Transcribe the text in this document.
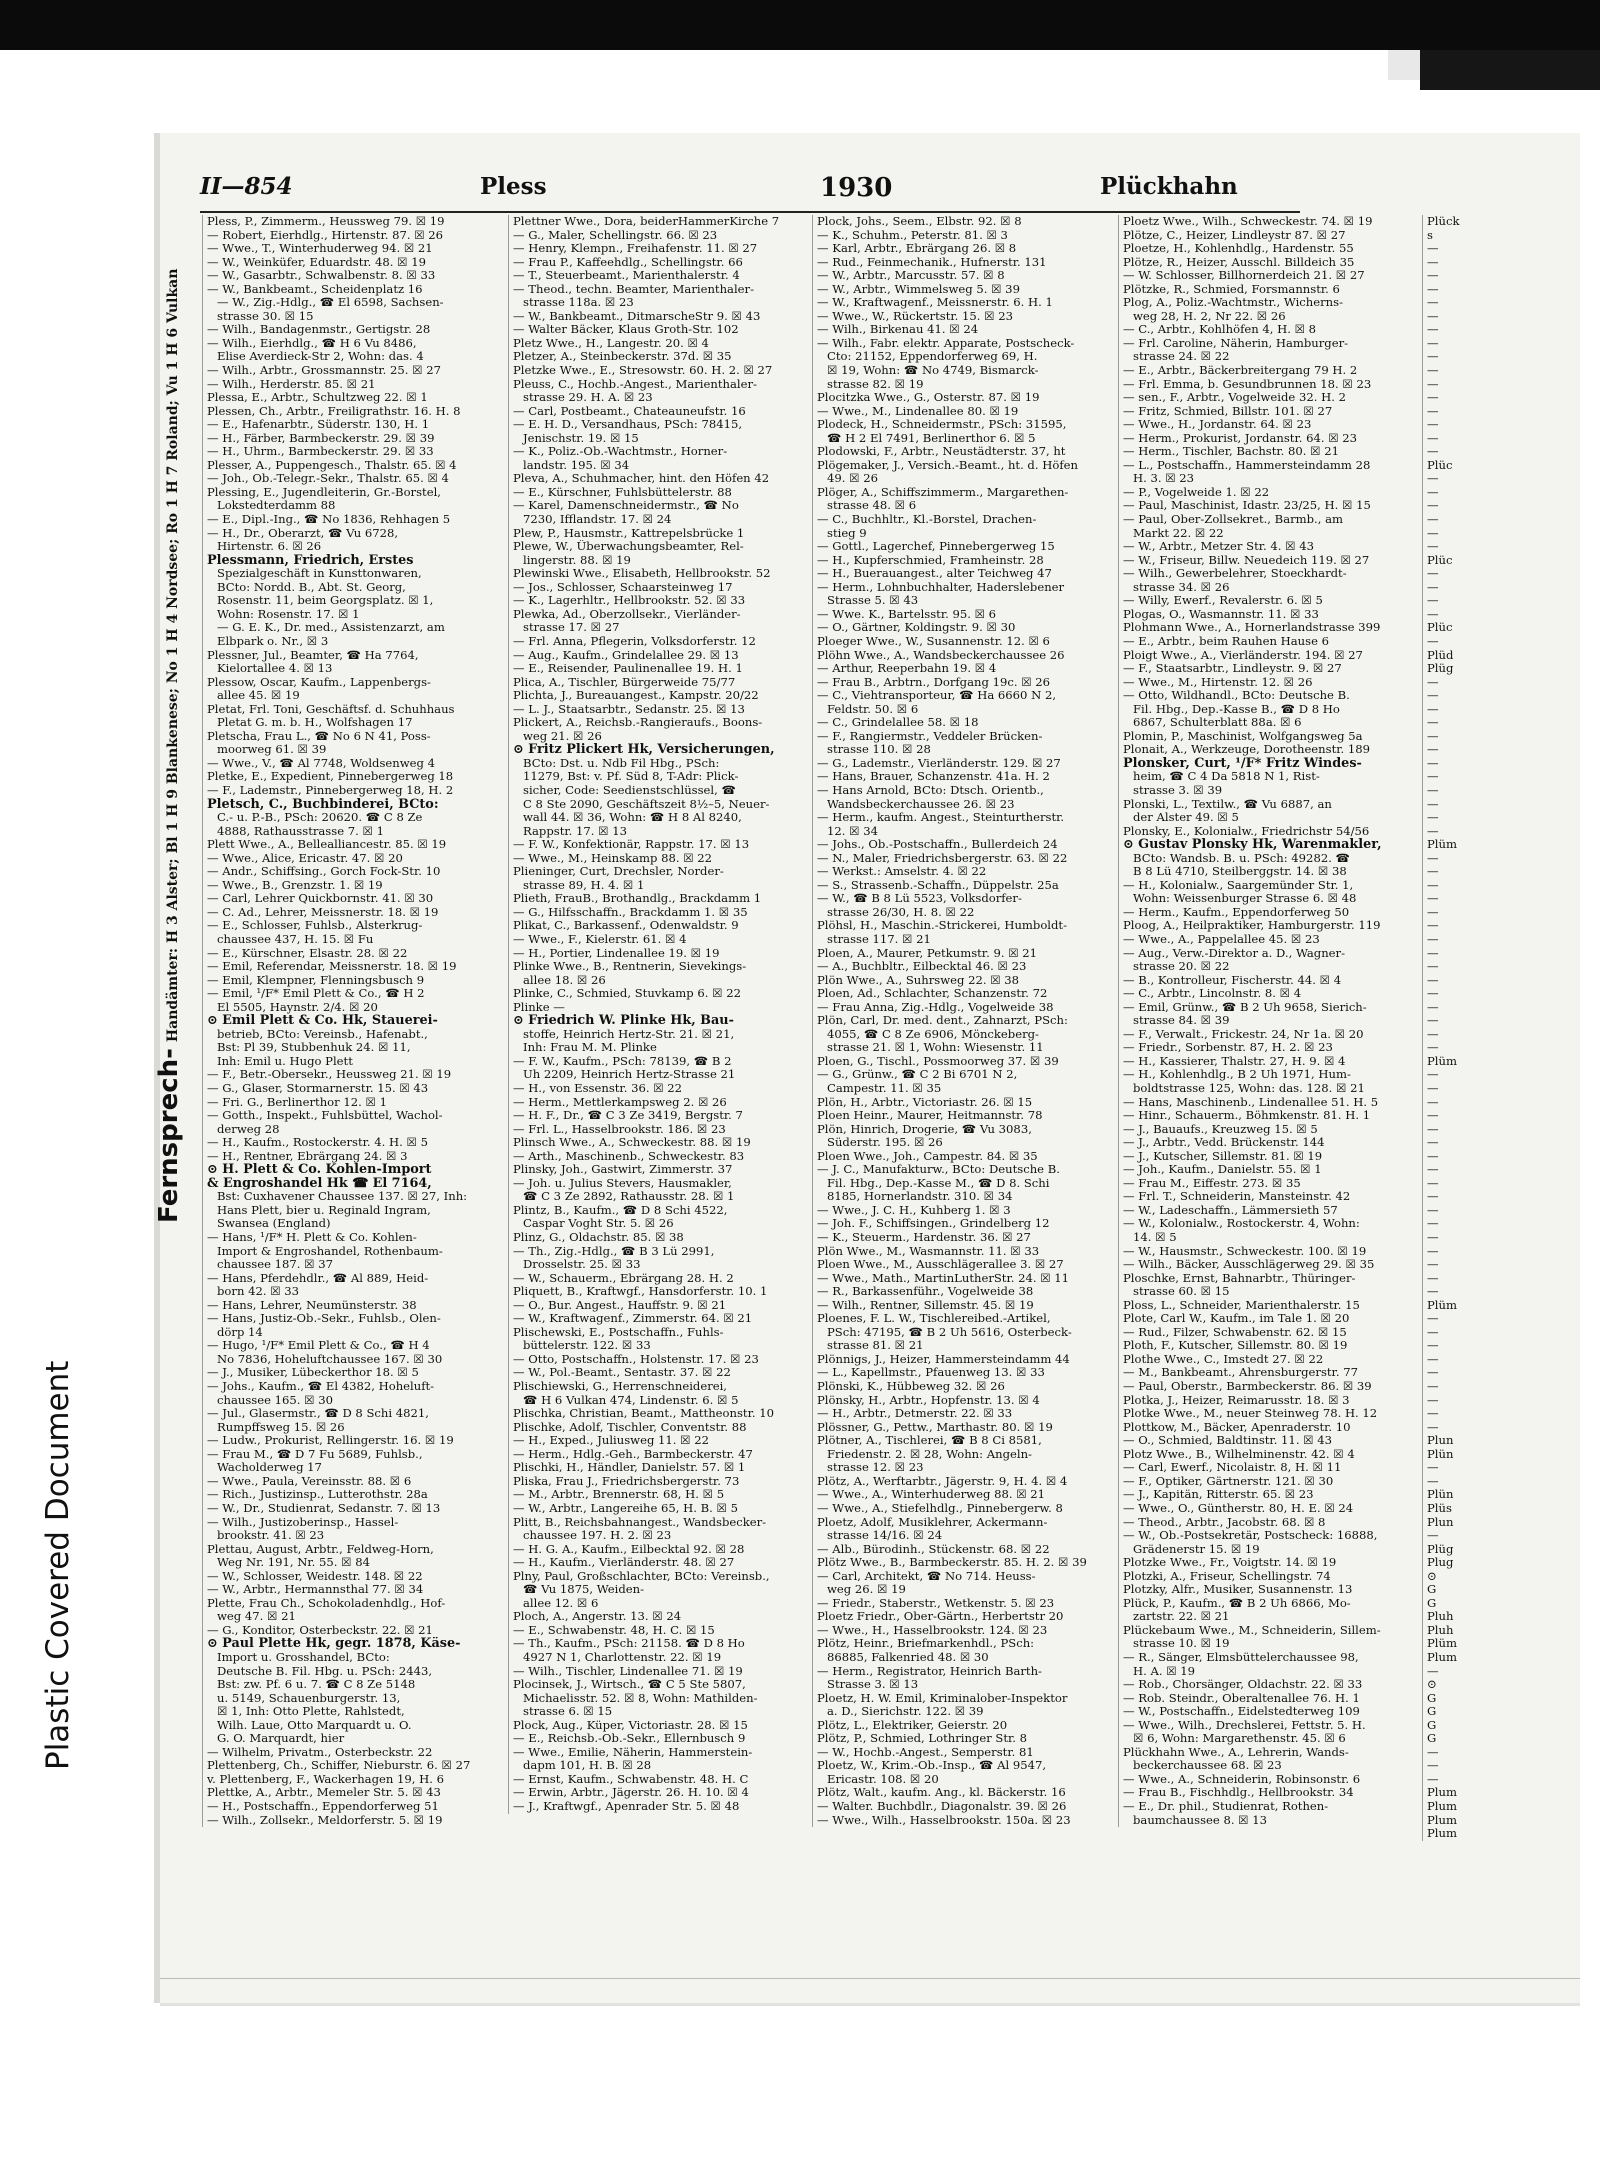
Plastic Covered Document
II—854	Pless	1930	Plückhahn
Fernsprech-Handämter: H 3 Alster; Bl 1 H 9 Blankenese; No 1 H 4 Nordsee; Ro 1 H 7 Roland; Vu 1 H 6 Vulkan
Pless, P., Zimmerm., Heussweg 79. ☒ 19
— Robert, Eierhdlg., Hirtenstr. 87. ☒ 26
— Wwe., T., Winterhuderweg 94. ☒ 21
— W., Weinküfer, Eduardstr. 48. ☒ 19
— W., Gasarbtr., Schwalbenstr. 8. ☒ 33
— W., Bankbeamt., Scheidenplatz 16
— W., Zig.-Hdlg., ☎ El 6598, Sachsen-
strasse 30. ☒ 15
— Wilh., Bandagenmstr., Gertigstr. 28
— Wilh., Eierhdlg., ☎ H 6 Vu 8486,
Elise Averdieck-Str 2, Wohn: das. 4
— Wilh., Arbtr., Grossmannstr. 25. ☒ 27
— Wilh., Herderstr. 85. ☒ 21
Plessa, E., Arbtr., Schultzweg 22. ☒ 1
Plessen, Ch., Arbtr., Freiligrathstr. 16. H. 8
— E., Hafenarbtr., Süderstr. 130, H. 1
— H., Färber, Barmbeckerstr. 29. ☒ 39
— H., Uhrm., Barmbeckerstr. 29. ☒ 33
Plesser, A., Puppengesch., Thalstr. 65. ☒ 4
— Joh., Ob.-Telegr.-Sekr., Thalstr. 65. ☒ 4
Plessing, E., Jugendleiterin, Gr.-Borstel,
Lokstedterdamm 88
— E., Dipl.-Ing., ☎ No 1836, Rehhagen 5
— H., Dr., Oberarzt, ☎ Vu 6728,
Hirtenstr. 6. ☒ 26
Plessmann, Friedrich, Erstes
Spezialgeschäft in Kunsttonwaren,
BCto: Nordd. B., Abt. St. Georg,
Rosenstr. 11, beim Georgsplatz. ☒ 1,
Wohn: Rosenstr. 17. ☒ 1
— G. E. K., Dr. med., Assistenzarzt, am
Elbpark o. Nr., ☒ 3
Plessner, Jul., Beamter, ☎ Ha 7764,
Kielortallee 4. ☒ 13
Plessow, Oscar, Kaufm., Lappenbergs-
allee 45. ☒ 19
Pletat, Frl. Toni, Geschäftsf. d. Schuhhaus
Pletat G. m. b. H., Wolfshagen 17
Pletscha, Frau L., ☎ No 6 N 41, Poss-
moorweg 61. ☒ 39
— Wwe., V., ☎ Al 7748, Woldsenweg 4
Pletke, E., Expedient, Pinnebergerweg 18
— F., Lademstr., Pinnebergerweg 18, H. 2
Pletsch, C., Buchbinderei, BCto:
C.- u. P.-B., PSch: 20620. ☎ C 8 Ze
4888, Rathausstrasse 7. ☒ 1
Plett Wwe., A., Bellealliancestr. 85. ☒ 19
— Wwe., Alice, Ericastr. 47. ☒ 20
— Andr., Schiffsing., Gorch Fock-Str. 10
— Wwe., B., Grenzstr. 1. ☒ 19
— Carl, Lehrer Quickbornstr. 41. ☒ 30
— C. Ad., Lehrer, Meissnerstr. 18. ☒ 19
— E., Schlosser, Fuhlsb., Alsterkrug-
chaussee 437, H. 15. ☒ Fu
— E., Kürschner, Elsastr. 28. ☒ 22
— Emil, Referendar, Meissnerstr. 18. ☒ 19
— Emil, Klempner, Flenningsbusch 9
— Emil, ¹/F* Emil Plett & Co., ☎ H 2
El 5505, Haynstr. 2/4. ☒ 20
⊙ Emil Plett & Co. Hk, Stauerei-
betrieb, BCto: Vereinsb., Hafenabt.,
Bst: Pl 39, Stubbenhuk 24. ☒ 11,
Inh: Emil u. Hugo Plett
— F., Betr.-Obersekr., Heussweg 21. ☒ 19
— G., Glaser, Stormarnerstr. 15. ☒ 43
— Fri. G., Berlinerthor 12. ☒ 1
— Gotth., Inspekt., Fuhlsbüttel, Wachol-
derweg 28
— H., Kaufm., Rostockerstr. 4. H. ☒ 5
— H., Rentner, Ebrärgang 24. ☒ 3
⊙ H. Plett & Co. Kohlen-Import
& Engroshandel Hk ☎ El 7164,
Bst: Cuxhavener Chaussee 137. ☒ 27, Inh:
Hans Plett, bier u. Reginald Ingram,
Swansea (England)
— Hans, ¹/F* H. Plett & Co. Kohlen-
Import & Engroshandel, Rothenbaum-
chaussee 187. ☒ 37
— Hans, Pferdehdlr., ☎ Al 889, Heid-
born 42. ☒ 33
— Hans, Lehrer, Neumünsterstr. 38
— Hans, Justiz-Ob.-Sekr., Fuhlsb., Olen-
dörp 14
— Hugo, ¹/F* Emil Plett & Co., ☎ H 4
No 7836, Hoheluftchaussee 167. ☒ 30
— J., Musiker, Lübeckerthor 18. ☒ 5
— Johs., Kaufm., ☎ El 4382, Hoheluft-
chaussee 165. ☒ 30
— Jul., Glasermstr., ☎ D 8 Schi 4821,
Rumpffsweg 15. ☒ 26
— Ludw., Prokurist, Rellingerstr. 16. ☒ 19
— Frau M., ☎ D 7 Fu 5689, Fuhlsb.,
Wacholderweg 17
— Wwe., Paula, Vereinsstr. 88. ☒ 6
— Rich., Justizinsp., Lutterothstr. 28a
— W., Dr., Studienrat, Sedanstr. 7. ☒ 13
— Wilh., Justizoberinsp., Hassel-
brookstr. 41. ☒ 23
Plettau, August, Arbtr., Feldweg-Horn,
Weg Nr. 191, Nr. 55. ☒ 84
— W., Schlosser, Weidestr. 148. ☒ 22
— W., Arbtr., Hermannsthal 77. ☒ 34
Plette, Frau Ch., Schokoladenhdlg., Hof-
weg 47. ☒ 21
— G., Konditor, Osterbeckstr. 22. ☒ 21
⊙ Paul Plette Hk, gegr. 1878, Käse-
Import u. Grosshandel, BCto:
Deutsche B. Fil. Hbg. u. PSch: 2443,
Bst: zw. Pf. 6 u. 7. ☎ C 8 Ze 5148
u. 5149, Schauenburgerstr. 13,
☒ 1, Inh: Otto Plette, Rahlstedt,
Wilh. Laue, Otto Marquardt u. O.
G. O. Marquardt, hier
— Wilhelm, Privatm., Osterbeckstr. 22
Plettenberg, Ch., Schiffer, Nieburstr. 6. ☒ 27
v. Plettenberg, F., Wackerhagen 19, H. 6
Plettke, A., Arbtr., Memeler Str. 5. ☒ 43
— H., Postschaffn., Eppendorferweg 51
— Wilh., Zollsekr., Meldorferstr. 5. ☒ 19
Plettner Wwe., Dora, beiderHammerKirche 7
— G., Maler, Schellingstr. 66. ☒ 23
— Henry, Klempn., Freihafenstr. 11. ☒ 27
— Frau P., Kaffeehdlg., Schellingstr. 66
— T., Steuerbeamt., Marienthalerstr. 4
— Theod., techn. Beamter, Marienthaler-
strasse 118a. ☒ 23
— W., Bankbeamt., DitmarscheStr 9. ☒ 43
— Walter Bäcker, Klaus Groth-Str. 102
Pletz Wwe., H., Langestr. 20. ☒ 4
Pletzer, A., Steinbeckerstr. 37d. ☒ 35
Pletzke Wwe., E., Stresowstr. 60. H. 2. ☒ 27
Pleuss, C., Hochb.-Angest., Marienthaler-
strasse 29. H. A. ☒ 23
— Carl, Postbeamt., Chateauneufstr. 16
— E. H. D., Versandhaus, PSch: 78415,
Jenischstr. 19. ☒ 15
— K., Poliz.-Ob.-Wachtmstr., Horner-
landstr. 195. ☒ 34
Pleva, A., Schuhmacher, hint. den Höfen 42
— E., Kürschner, Fuhlsbüttelerstr. 88
— Karel, Damenschneidermstr., ☎ No
7230, Ifflandstr. 17. ☒ 24
Plew, P., Hausmstr., Kattrepelsbrücke 1
Plewe, W., Überwachungsbeamter, Rel-
lingerstr. 88. ☒ 19
Plewinski Wwe., Elisabeth, Hellbrookstr. 52
— Jos., Schlosser, Schaarsteinweg 17
— K., Lagerhltr., Hellbrookstr. 52. ☒ 33
Plewka, Ad., Oberzollsekr., Vierländer-
strasse 17. ☒ 27
— Frl. Anna, Pflegerin, Volksdorferstr. 12
— Aug., Kaufm., Grindelallee 29. ☒ 13
— E., Reisender, Paulinenallee 19. H. 1
Plica, A., Tischler, Bürgerweide 75/77
Plichta, J., Bureauangest., Kampstr. 20/22
— L. J., Staatsarbtr., Sedanstr. 25. ☒ 13
Plickert, A., Reichsb.-Rangieraufs., Boons-
weg 21. ☒ 26
⊙ Fritz Plickert Hk, Versicherungen,
BCto: Dst. u. Ndb Fil Hbg., PSch:
11279, Bst: v. Pf. Süd 8, T-Adr: Plick-
sicher, Code: Seedienstschlüssel, ☎
C 8 Ste 2090, Geschäftszeit 8½–5, Neuer-
wall 44. ☒ 36, Wohn: ☎ H 8 Al 8240,
Rappstr. 17. ☒ 13
— F. W., Konfektionär, Rappstr. 17. ☒ 13
— Wwe., M., Heinskamp 88. ☒ 22
Plieninger, Curt, Drechsler, Norder-
strasse 89, H. 4. ☒ 1
Plieth, FrauB., Brothandlg., Brackdamm 1
— G., Hilfsschaffn., Brackdamm 1. ☒ 35
Plikat, C., Barkassenf., Odenwaldstr. 9
— Wwe., F., Kielerstr. 61. ☒ 4
— H., Portier, Lindenallee 19. ☒ 19
Plinke Wwe., B., Rentnerin, Sievekings-
allee 18. ☒ 26
Plinke, C., Schmied, Stuvkamp 6. ☒ 22
Plinke —
⊙ Friedrich W. Plinke Hk, Bau-
stoffe, Heinrich Hertz-Str. 21. ☒ 21,
Inh: Frau M. M. Plinke
— F. W., Kaufm., PSch: 78139, ☎ B 2
Uh 2209, Heinrich Hertz-Strasse 21
— H., von Essenstr. 36. ☒ 22
— Herm., Mettlerkampsweg 2. ☒ 26
— H. F., Dr., ☎ C 3 Ze 3419, Bergstr. 7
— Frl. L., Hasselbrookstr. 186. ☒ 23
Plinsch Wwe., A., Schweckestr. 88. ☒ 19
— Arth., Maschinenb., Schweckestr. 83
Plinsky, Joh., Gastwirt, Zimmerstr. 37
— Joh. u. Julius Stevers, Hausmakler,
☎ C 3 Ze 2892, Rathausstr. 28. ☒ 1
Plintz, B., Kaufm., ☎ D 8 Schi 4522,
Caspar Voght Str. 5. ☒ 26
Plinz, G., Oldachstr. 85. ☒ 38
— Th., Zig.-Hdlg., ☎ B 3 Lü 2991,
Drosselstr. 25. ☒ 33
— W., Schauerm., Ebrärgang 28. H. 2
Pliquett, B., Kraftwgf., Hansdorferstr. 10. 1
— O., Bur. Angest., Hauffstr. 9. ☒ 21
— W., Kraftwagenf., Zimmerstr. 64. ☒ 21
Plischewski, E., Postschaffn., Fuhls-
büttelerstr. 122. ☒ 33
— Otto, Postschaffn., Holstenstr. 17. ☒ 23
— W., Pol.-Beamt., Sentastr. 37. ☒ 22
Plischiewski, G., Herrenschneiderei,
☎ H 6 Vulkan 474, Lindenstr. 6. ☒ 5
Plischka, Christian, Beamt., Mattheonstr. 10
Plischke, Adolf, Tischler, Conventstr. 88
— H., Exped., Juliusweg 11. ☒ 22
— Herm., Hdlg.-Geh., Barmbeckerstr. 47
Plischki, H., Händler, Danielstr. 57. ☒ 1
Pliska, Frau J., Friedrichsbergerstr. 73
— M., Arbtr., Brennerstr. 68, H. ☒ 5
— W., Arbtr., Langereihe 65, H. B. ☒ 5
Plitt, B., Reichsbahnangest., Wandsbecker-
chaussee 197. H. 2. ☒ 23
— H. G. A., Kaufm., Eilbecktal 92. ☒ 28
— H., Kaufm., Vierländerstr. 48. ☒ 27
Plny, Paul, Großschlachter, BCto: Vereinsb.,
☎ Vu 1875, Weiden-
allee 12. ☒ 6
Ploch, A., Angerstr. 13. ☒ 24
— E., Schwabenstr. 48, H. C. ☒ 15
— Th., Kaufm., PSch: 21158. ☎ D 8 Ho
4927 N 1, Charlottenstr. 22. ☒ 19
— Wilh., Tischler, Lindenallee 71. ☒ 19
Plocinsek, J., Wirtsch., ☎ C 5 Ste 5807,
Michaelisstr. 52. ☒ 8, Wohn: Mathilden-
strasse 6. ☒ 15
Plock, Aug., Küper, Victoriastr. 28. ☒ 15
— E., Reichsb.-Ob.-Sekr., Ellernbusch 9
— Wwe., Emilie, Näherin, Hammerstein-
dapm 101, H. B. ☒ 28
— Ernst, Kaufm., Schwabenstr. 48. H. C
— Erwin, Arbtr., Jägerstr. 26. H. 10. ☒ 4
— J., Kraftwgf., Apenrader Str. 5. ☒ 48
Plock, Johs., Seem., Elbstr. 92. ☒ 8
— K., Schuhm., Peterstr. 81. ☒ 3
— Karl, Arbtr., Ebrärgang 26. ☒ 8
— Rud., Feinmechanik., Hufnerstr. 131
— W., Arbtr., Marcusstr. 57. ☒ 8
— W., Arbtr., Wimmelsweg 5. ☒ 39
— W., Kraftwagenf., Meissnerstr. 6. H. 1
— Wwe., W., Rückertstr. 15. ☒ 23
— Wilh., Birkenau 41. ☒ 24
— Wilh., Fabr. elektr. Apparate, Postscheck-
Cto: 21152, Eppendorferweg 69, H.
☒ 19, Wohn: ☎ No 4749, Bismarck-
strasse 82. ☒ 19
Plocitzka Wwe., G., Osterstr. 87. ☒ 19
— Wwe., M., Lindenallee 80. ☒ 19
Plodeck, H., Schneidermstr., PSch: 31595,
☎ H 2 El 7491, Berlinerthor 6. ☒ 5
Plodowski, F., Arbtr., Neustädterstr. 37, ht
Plögemaker, J., Versich.-Beamt., ht. d. Höfen
49. ☒ 26
Plöger, A., Schiffszimmerm., Margarethen-
strasse 48. ☒ 6
— C., Buchhltr., Kl.-Borstel, Drachen-
stieg 9
— Gottl., Lagerchef, Pinnebergerweg 15
— H., Kupferschmied, Framheinstr. 28
— H., Buerauangest., alter Teichweg 47
— Herm., Lohnbuchhalter, Haderslebener
Strasse 5. ☒ 43
— Wwe. K., Bartelsstr. 95. ☒ 6
— O., Gärtner, Koldingstr. 9. ☒ 30
Ploeger Wwe., W., Susannenstr. 12. ☒ 6
Plöhn Wwe., A., Wandsbeckerchaussee 26
— Arthur, Reeperbahn 19. ☒ 4
— Frau B., Arbtrn., Dorfgang 19c. ☒ 26
— C., Viehtransporteur, ☎ Ha 6660 N 2,
Feldstr. 50. ☒ 6
— C., Grindelallee 58. ☒ 18
— F., Rangiermstr., Veddeler Brücken-
strasse 110. ☒ 28
— G., Lademstr., Vierländerstr. 129. ☒ 27
— Hans, Brauer, Schanzenstr. 41a. H. 2
— Hans Arnold, BCto: Dtsch. Orientb.,
Wandsbeckerchaussee 26. ☒ 23
— Herm., kaufm. Angest., Steinturtherstr.
12. ☒ 34
— Johs., Ob.-Postschaffn., Bullerdeich 24
— N., Maler, Friedrichsbergerstr. 63. ☒ 22
— Werkst.: Amselstr. 4. ☒ 22
— S., Strassenb.-Schaffn., Düppelstr. 25a
— W., ☎ B 8 Lü 5523, Volksdorfer-
strasse 26/30, H. 8. ☒ 22
Plöhsl, H., Maschin.-Strickerei, Humboldt-
strasse 117. ☒ 21
Ploen, A., Maurer, Petkumstr. 9. ☒ 21
— A., Buchbltr., Eilbecktal 46. ☒ 23
Plön Wwe., A., Suhrsweg 22. ☒ 38
Ploen, Ad., Schlachter, Schanzenstr. 72
— Frau Anna, Zig.-Hdlg., Vogelweide 38
Plön, Carl, Dr. med. dent., Zahnarzt, PSch:
4055, ☎ C 8 Ze 6906, Mönckeberg-
strasse 21. ☒ 1, Wohn: Wiesenstr. 11
Ploen, G., Tischl., Possmoorweg 37. ☒ 39
— G., Grünw., ☎ C 2 Bi 6701 N 2,
Campestr. 11. ☒ 35
Plön, H., Arbtr., Victoriastr. 26. ☒ 15
Ploen Heinr., Maurer, Heitmannstr. 78
Plön, Hinrich, Drogerie, ☎ Vu 3083,
Süderstr. 195. ☒ 26
Ploen Wwe., Joh., Campestr. 84. ☒ 35
— J. C., Manufakturw., BCto: Deutsche B.
Fil. Hbg., Dep.-Kasse M., ☎ D 8. Schi
8185, Hornerlandstr. 310. ☒ 34
— Wwe., J. C. H., Kuhberg 1. ☒ 3
— Joh. F., Schiffsingen., Grindelberg 12
— K., Steuerm., Hardenstr. 36. ☒ 27
Plön Wwe., M., Wasmannstr. 11. ☒ 33
Ploen Wwe., M., Ausschlägerallee 3. ☒ 27
— Wwe., Math., MartinLutherStr. 24. ☒ 11
— R., Barkassenführ., Vogelweide 38
— Wilh., Rentner, Sillemstr. 45. ☒ 19
Ploenes, F. L. W., Tischlereibed.-Artikel,
PSch: 47195, ☎ B 2 Uh 5616, Osterbeck-
strasse 81. ☒ 21
Plönnigs, J., Heizer, Hammersteindamm 44
— L., Kapellmstr., Pfauenweg 13. ☒ 33
Plönski, K., Hübbeweg 32. ☒ 26
Plönsky, H., Arbtr., Hopfenstr. 13. ☒ 4
— H., Arbtr., Detmerstr. 22. ☒ 33
Plössner, G., Pettw., Marthastr. 80. ☒ 19
Plötner, A., Tischlerei, ☎ B 8 Ci 8581,
Friedenstr. 2. ☒ 28, Wohn: Angeln-
strasse 12. ☒ 23
Plötz, A., Werftarbtr., Jägerstr. 9, H. 4. ☒ 4
— Wwe., A., Winterhuderweg 88. ☒ 21
— Wwe., A., Stiefelhdlg., Pinnebergerw. 8
Ploetz, Adolf, Musiklehrer, Ackermann-
strasse 14/16. ☒ 24
— Alb., Bürodinh., Stückenstr. 68. ☒ 22
Plötz Wwe., B., Barmbeckerstr. 85. H. 2. ☒ 39
— Carl, Architekt, ☎ No 714. Heuss-
weg 26. ☒ 19
— Friedr., Staberstr., Wetkenstr. 5. ☒ 23
Ploetz Friedr., Ober-Gärtn., Herbertstr 20
— Wwe., H., Hasselbrookstr. 124. ☒ 23
Plötz, Heinr., Briefmarkenhdl., PSch:
86885, Falkenried 48. ☒ 30
— Herm., Registrator, Heinrich Barth-
Strasse 3. ☒ 13
Ploetz, H. W. Emil, Kriminalober-Inspektor
a. D., Sierichstr. 122. ☒ 39
Plötz, L., Elektriker, Geierstr. 20
Plötz, P., Schmied, Lothringer Str. 8
— W., Hochb.-Angest., Semperstr. 81
Ploetz, W., Krim.-Ob.-Insp., ☎ Al 9547,
Ericastr. 108. ☒ 20
Plötz, Walt., kaufm. Ang., kl. Bäckerstr. 16
— Walter. Buchbdlr., Diagonalstr. 39. ☒ 26
— Wwe., Wilh., Hasselbrookstr. 150a. ☒ 23
Ploetz Wwe., Wilh., Schweckestr. 74. ☒ 19
Plötze, C., Heizer, Lindleystr 87. ☒ 27
Ploetze, H., Kohlenhdlg., Hardenstr. 55
Plötze, R., Heizer, Ausschl. Billdeich 35
— W. Schlosser, Billhornerdeich 21. ☒ 27
Plötzke, R., Schmied, Forsmannstr. 6
Plog, A., Poliz.-Wachtmstr., Wicherns-
weg 28, H. 2, Nr 22. ☒ 26
— C., Arbtr., Kohlhöfen 4, H. ☒ 8
— Frl. Caroline, Näherin, Hamburger-
strasse 24. ☒ 22
— E., Arbtr., Bäckerbreitergang 79 H. 2
— Frl. Emma, b. Gesundbrunnen 18. ☒ 23
— sen., F., Arbtr., Vogelweide 32. H. 2
— Fritz, Schmied, Billstr. 101. ☒ 27
— Wwe., H., Jordanstr. 64. ☒ 23
— Herm., Prokurist, Jordanstr. 64. ☒ 23
— Herm., Tischler, Bachstr. 80. ☒ 21
— L., Postschaffn., Hammersteindamm 28
H. 3. ☒ 23
— P., Vogelweide 1. ☒ 22
— Paul, Maschinist, Idastr. 23/25, H. ☒ 15
— Paul, Ober-Zollsekret., Barmb., am
Markt 22. ☒ 22
— W., Arbtr., Metzer Str. 4. ☒ 43
— W., Friseur, Billw. Neuedeich 119. ☒ 27
— Wilh., Gewerbelehrer, Stoeckhardt-
strasse 34. ☒ 26
— Willy, Ewerf., Revalerstr. 6. ☒ 5
Plogas, O., Wasmannstr. 11. ☒ 33
Plohmann Wwe., A., Hornerlandstrasse 399
— E., Arbtr., beim Rauhen Hause 6
Ploigt Wwe., A., Vierländerstr. 194. ☒ 27
— F., Staatsarbtr., Lindleystr. 9. ☒ 27
— Wwe., M., Hirtenstr. 12. ☒ 26
— Otto, Wildhandl., BCto: Deutsche B.
Fil. Hbg., Dep.-Kasse B., ☎ D 8 Ho
6867, Schulterblatt 88a. ☒ 6
Plomin, P., Maschinist, Wolfgangsweg 5a
Plonait, A., Werkzeuge, Dorotheenstr. 189
Plonsker, Curt, ¹/F* Fritz Windes-
heim, ☎ C 4 Da 5818 N 1, Rist-
strasse 3. ☒ 39
Plonski, L., Textilw., ☎ Vu 6887, an
der Alster 49. ☒ 5
Plonsky, E., Kolonialw., Friedrichstr 54/56
⊙ Gustav Plonsky Hk, Warenmakler,
BCto: Wandsb. B. u. PSch: 49282. ☎
B 8 Lü 4710, Steilberggstr. 14. ☒ 38
— H., Kolonialw., Saargemünder Str. 1,
Wohn: Weissenburger Strasse 6. ☒ 48
— Herm., Kaufm., Eppendorferweg 50
Ploog, A., Heilpraktiker, Hamburgerstr. 119
— Wwe., A., Pappelallee 45. ☒ 23
— Aug., Verw.-Direktor a. D., Wagner-
strasse 20. ☒ 22
— B., Kontrolleur, Fischerstr. 44. ☒ 4
— C., Arbtr., Lincolnstr. 8. ☒ 4
— Emil, Grünw., ☎ B 2 Uh 9658, Sierich-
strasse 84. ☒ 39
— F., Verwalt., Frickestr. 24, Nr 1a. ☒ 20
— Friedr., Sorbenstr. 87, H. 2. ☒ 23
— H., Kassierer, Thalstr. 27, H. 9. ☒ 4
— H., Kohlenhdlg., B 2 Uh 1971, Hum-
boldtstrasse 125, Wohn: das. 128. ☒ 21
— Hans, Maschinenb., Lindenallee 51. H. 5
— Hinr., Schauerm., Böhmkenstr. 81. H. 1
— J., Bauaufs., Kreuzweg 15. ☒ 5
— J., Arbtr., Vedd. Brückenstr. 144
— J., Kutscher, Sillemstr. 81. ☒ 19
— Joh., Kaufm., Danielstr. 55. ☒ 1
— Frau M., Eiffestr. 273. ☒ 35
— Frl. T., Schneiderin, Mansteinstr. 42
— W., Ladeschaffn., Lämmersieth 57
— W., Kolonialw., Rostockerstr. 4, Wohn:
14. ☒ 5
— W., Hausmstr., Schweckestr. 100. ☒ 19
— Wilh., Bäcker, Ausschlägerweg 29. ☒ 35
Ploschke, Ernst, Bahnarbtr., Thüringer-
strasse 60. ☒ 15
Ploss, L., Schneider, Marienthalerstr. 15
Plote, Carl W., Kaufm., im Tale 1. ☒ 20
— Rud., Filzer, Schwabenstr. 62. ☒ 15
Ploth, F., Kutscher, Sillemstr. 80. ☒ 19
Plothe Wwe., C., Imstedt 27. ☒ 22
— M., Bankbeamt., Ahrensburgerstr. 77
— Paul, Oberstr., Barmbeckerstr. 86. ☒ 39
Plotka, J., Heizer, Reimarusstr. 18. ☒ 3
Plotke Wwe., M., neuer Steinweg 78. H. 12
Plottkow, M., Bäcker, Apenraderstr. 10
— O., Schmied, Baldtinstr. 11. ☒ 43
Plotz Wwe., B., Wilhelminenstr. 42. ☒ 4
— Carl, Ewerf., Nicolaistr. 8, H. ☒ 11
— F., Optiker, Gärtnerstr. 121. ☒ 30
— J., Kapitän, Ritterstr. 65. ☒ 23
— Wwe., O., Güntherstr. 80, H. E. ☒ 24
— Theod., Arbtr., Jacobstr. 68. ☒ 8
— W., Ob.-Postsekretär, Postscheck: 16888,
Grädenerstr 15. ☒ 19
Plotzke Wwe., Fr., Voigtstr. 14. ☒ 19
Plotzki, A., Friseur, Schellingstr. 74
Plotzky, Alfr., Musiker, Susannenstr. 13
Plück, P., Kaufm., ☎ B 2 Uh 6866, Mo-
zartstr. 22. ☒ 21
Plückebaum Wwe., M., Schneiderin, Sillem-
strasse 10. ☒ 19
— R., Sänger, Elmsbüttelerchaussee 98,
H. A. ☒ 19
— Rob., Chorsänger, Oldachstr. 22. ☒ 33
— Rob. Steindr., Oberaltenallee 76. H. 1
— W., Postschaffn., Eidelstedterweg 109
— Wwe., Wilh., Drechslerei, Fettstr. 5. H.
☒ 6, Wohn: Margarethenstr. 45. ☒ 6
Plückhahn Wwe., A., Lehrerin, Wands-
beckerchaussee 68. ☒ 23
— Wwe., A., Schneiderin, Robinsonstr. 6
— Frau B., Fischhdlg., Hellbrookstr. 34
— E., Dr. phil., Studienrat, Rothen-
baumchaussee 8. ☒ 13
Plück
s
—
—
—
—
—
—
—
—
—
—
—
—
—
—
—
—
Plüc
—
—
—
—
—
—
Plüc
—
—
—
—
Plüc
—
Plüd
Plüg
—
—
—
—
—
—
—
—
—
—
—
—
Plüm
—
—
—
—
—
—
—
—
—
—
—
—
—
—
—
Plüm
—
—
—
—
—
—
—
—
—
—
—
—
—
—
—
—
—
Plüm
—
—
—
—
—
—
—
—
—
Plun
Plün
—
—
Plün
Plüs
Plun
—
Plüg
Plug
⊙
G
G
Pluh
Pluh
Plüm
Plum
—
⊙
G
G
G
G
—
—
—
Plum
Plum
Plum
Plum
